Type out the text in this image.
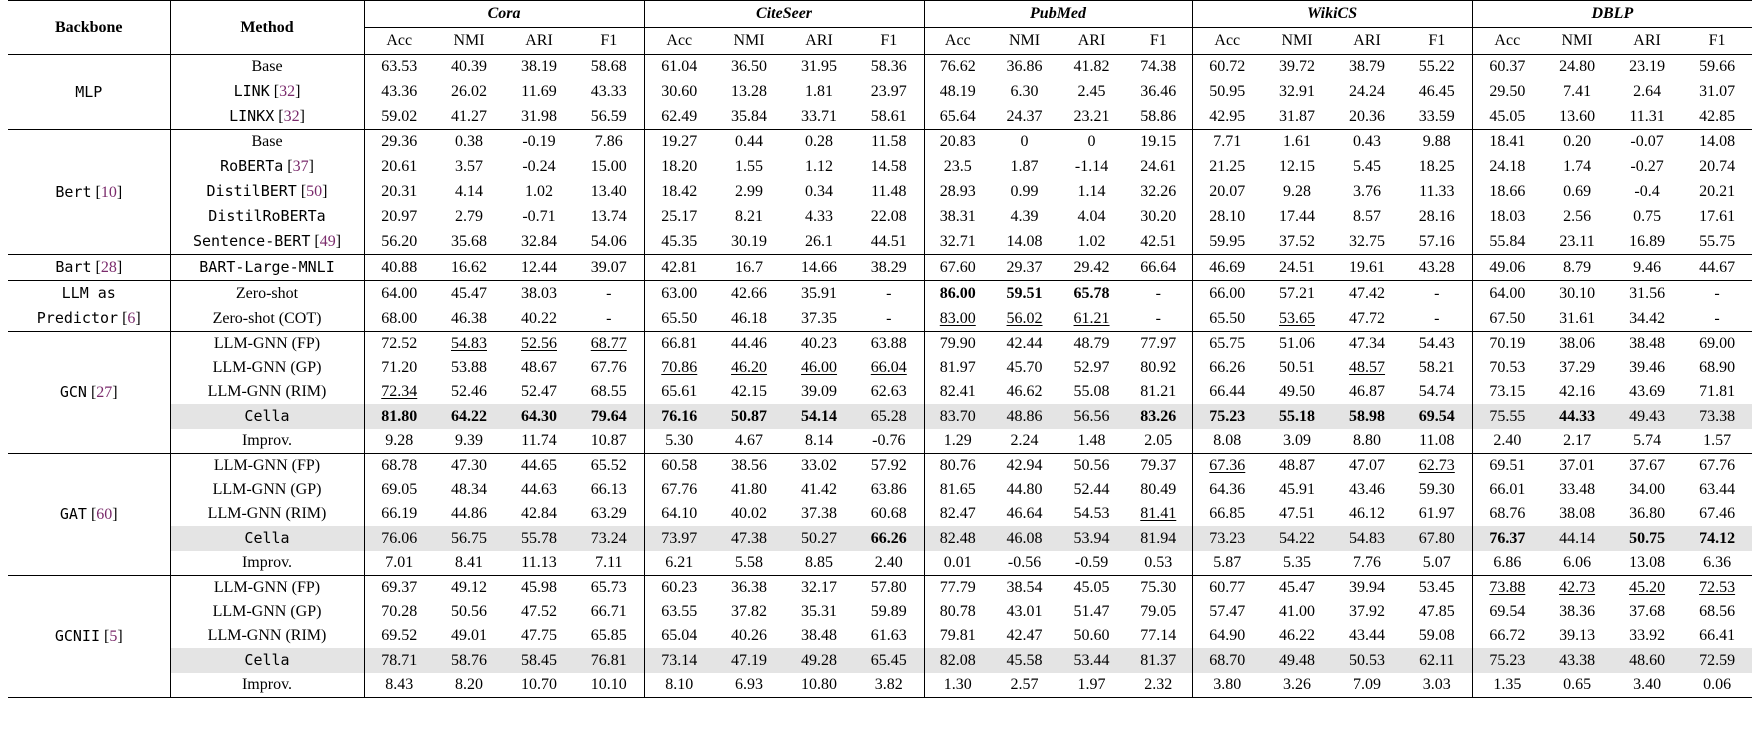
Backbone	Method	Cora				CiteSeer				PubMed				WikiCS				DBLP			
		Acc	NMI	ARI	F1	Acc	NMI	ARI	F1	Acc	NMI	ARI	F1	Acc	NMI	ARI	F1	Acc	NMI	ARI	F1
MLP	Base	63.53	40.39	38.19	58.68	61.04	36.50	31.95	58.36	76.62	36.86	41.82	74.38	60.72	39.72	38.79	55.22	60.37	24.80	23.19	59.66
	LINK [32]	43.36	26.02	11.69	43.33	30.60	13.28	1.81	23.97	48.19	6.30	2.45	36.46	50.95	32.91	24.24	46.45	29.50	7.41	2.64	31.07
	LINKX [32]	59.02	41.27	31.98	56.59	62.49	35.84	33.71	58.61	65.64	24.37	23.21	58.86	42.95	31.87	20.36	33.59	45.05	13.60	11.31	42.85
Bert [10]	Base	29.36	0.38	-0.19	7.86	19.27	0.44	0.28	11.58	20.83	0	0	19.15	7.71	1.61	0.43	9.88	18.41	0.20	-0.07	14.08
	RoBERTa [37]	20.61	3.57	-0.24	15.00	18.20	1.55	1.12	14.58	23.5	1.87	-1.14	24.61	21.25	12.15	5.45	18.25	24.18	1.74	-0.27	20.74
	DistilBERT [50]	20.31	4.14	1.02	13.40	18.42	2.99	0.34	11.48	28.93	0.99	1.14	32.26	20.07	9.28	3.76	11.33	18.66	0.69	-0.4	20.21
	DistilRoBERTa	20.97	2.79	-0.71	13.74	25.17	8.21	4.33	22.08	38.31	4.39	4.04	30.20	28.10	17.44	8.57	28.16	18.03	2.56	0.75	17.61
	Sentence-BERT [49]	56.20	35.68	32.84	54.06	45.35	30.19	26.1	44.51	32.71	14.08	1.02	42.51	59.95	37.52	32.75	57.16	55.84	23.11	16.89	55.75
Bart [28]	BART-Large-MNLI	40.88	16.62	12.44	39.07	42.81	16.7	14.66	38.29	67.60	29.37	29.42	66.64	46.69	24.51	19.61	43.28	49.06	8.79	9.46	44.67
LLM as
Predictor [6]	Zero-shot	64.00	45.47	38.03	-	63.00	42.66	35.91	-	86.00	59.51	65.78	-	66.00	57.21	47.42	-	64.00	30.10	31.56	-
	Zero-shot (COT)	68.00	46.38	40.22	-	65.50	46.18	37.35	-	83.00	56.02	61.21	-	65.50	53.65	47.72	-	67.50	31.61	34.42	-
GCN [27]	LLM-GNN (FP)	72.52	54.83	52.56	68.77	66.81	44.46	40.23	63.88	79.90	42.44	48.79	77.97	65.75	51.06	47.34	54.43	70.19	38.06	38.48	69.00
	LLM-GNN (GP)	71.20	53.88	48.67	67.76	70.86	46.20	46.00	66.04	81.97	45.70	52.97	80.92	66.26	50.51	48.57	58.21	70.53	37.29	39.46	68.90
	LLM-GNN (RIM)	72.34	52.46	52.47	68.55	65.61	42.15	39.09	62.63	82.41	46.62	55.08	81.21	66.44	49.50	46.87	54.74	73.15	42.16	43.69	71.81
	Cella	81.80	64.22	64.30	79.64	76.16	50.87	54.14	65.28	83.70	48.86	56.56	83.26	75.23	55.18	58.98	69.54	75.55	44.33	49.43	73.38
	Improv.	9.28	9.39	11.74	10.87	5.30	4.67	8.14	-0.76	1.29	2.24	1.48	2.05	8.08	3.09	8.80	11.08	2.40	2.17	5.74	1.57
GAT [60]	LLM-GNN (FP)	68.78	47.30	44.65	65.52	60.58	38.56	33.02	57.92	80.76	42.94	50.56	79.37	67.36	48.87	47.07	62.73	69.51	37.01	37.67	67.76
	LLM-GNN (GP)	69.05	48.34	44.63	66.13	67.76	41.80	41.42	63.86	81.65	44.80	52.44	80.49	64.36	45.91	43.46	59.30	66.01	33.48	34.00	63.44
	LLM-GNN (RIM)	66.19	44.86	42.84	63.29	64.10	40.02	37.38	60.68	82.47	46.64	54.53	81.41	66.85	47.51	46.12	61.97	68.76	38.08	36.80	67.46
	Cella	76.06	56.75	55.78	73.24	73.97	47.38	50.27	66.26	82.48	46.08	53.94	81.94	73.23	54.22	54.83	67.80	76.37	44.14	50.75	74.12
	Improv.	7.01	8.41	11.13	7.11	6.21	5.58	8.85	2.40	0.01	-0.56	-0.59	0.53	5.87	5.35	7.76	5.07	6.86	6.06	13.08	6.36
GCNII [5]	LLM-GNN (FP)	69.37	49.12	45.98	65.73	60.23	36.38	32.17	57.80	77.79	38.54	45.05	75.30	60.77	45.47	39.94	53.45	73.88	42.73	45.20	72.53
	LLM-GNN (GP)	70.28	50.56	47.52	66.71	63.55	37.82	35.31	59.89	80.78	43.01	51.47	79.05	57.47	41.00	37.92	47.85	69.54	38.36	37.68	68.56
	LLM-GNN (RIM)	69.52	49.01	47.75	65.85	65.04	40.26	38.48	61.63	79.81	42.47	50.60	77.14	64.90	46.22	43.44	59.08	66.72	39.13	33.92	66.41
	Cella	78.71	58.76	58.45	76.81	73.14	47.19	49.28	65.45	82.08	45.58	53.44	81.37	68.70	49.48	50.53	62.11	75.23	43.38	48.60	72.59
	Improv.	8.43	8.20	10.70	10.10	8.10	6.93	10.80	3.82	1.30	2.57	1.97	2.32	3.80	3.26	7.09	3.03	1.35	0.65	3.40	0.06
